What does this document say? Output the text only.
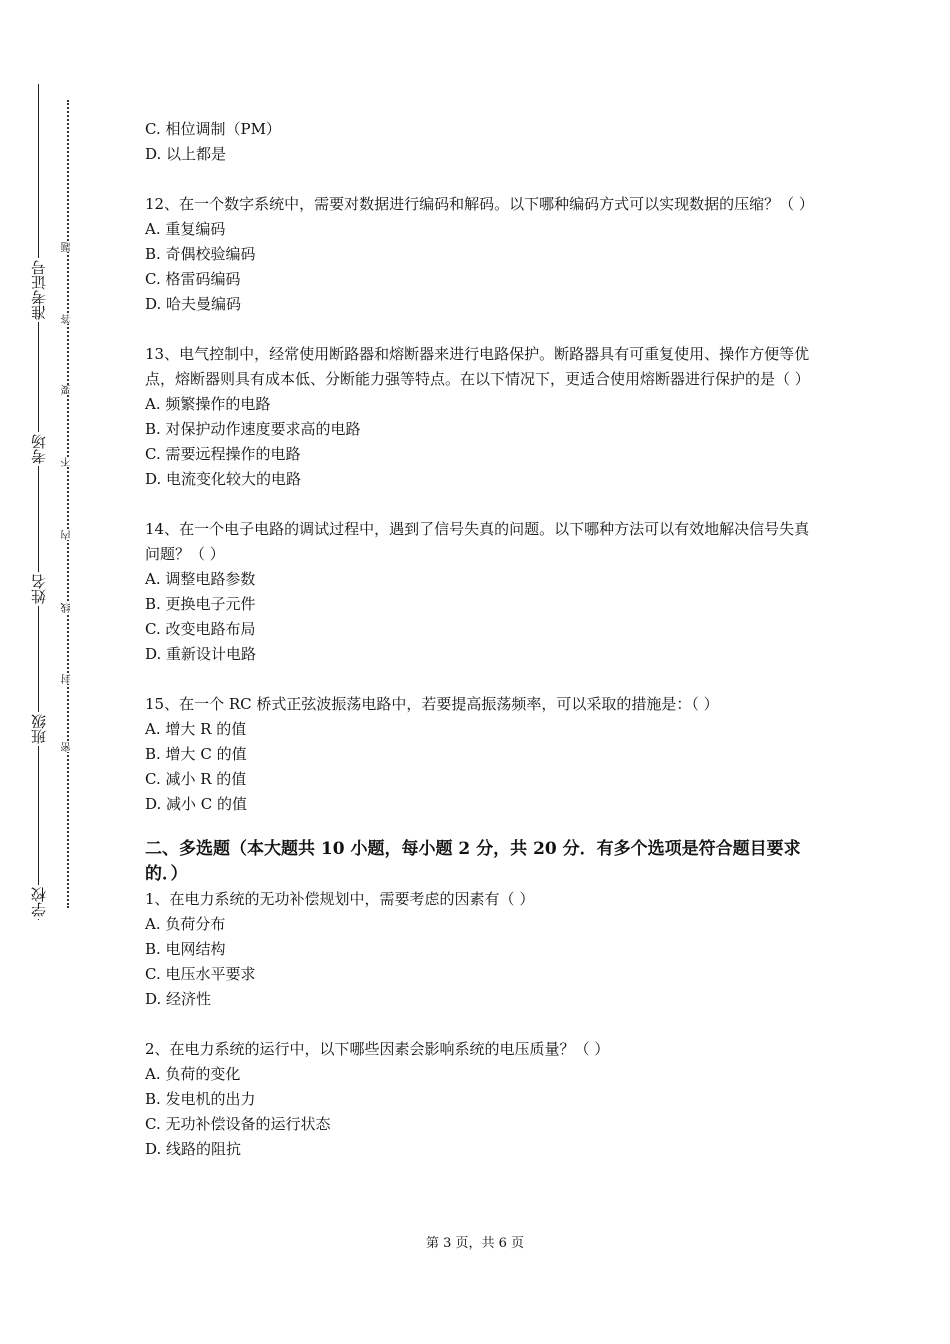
学校
班级
姓名
考场
准考证号
密
封
线
内
不
要
答
题
C. 相位调制（PM）
D. 以上都是
12、在一个数字系统中，需要对数据进行编码和解码。以下哪种编码方式可以实现数据的压缩？（ ）
A. 重复编码
B. 奇偶校验编码
C. 格雷码编码
D. 哈夫曼编码
13、电气控制中，经常使用断路器和熔断器来进行电路保护。断路器具有可重复使用、操作方便等优点，熔断器则具有成本低、分断能力强等特点。在以下情况下，更适合使用熔断器进行保护的是（ ）
A. 频繁操作的电路
B. 对保护动作速度要求高的电路
C. 需要远程操作的电路
D. 电流变化较大的电路
14、在一个电子电路的调试过程中，遇到了信号失真的问题。以下哪种方法可以有效地解决信号失真问题？（ ）
A. 调整电路参数
B. 更换电子元件
C. 改变电路布局
D. 重新设计电路
15、在一个 RC 桥式正弦波振荡电路中，若要提高振荡频率，可以采取的措施是：（ ）
A. 增大 R 的值
B. 增大 C 的值
C. 减小 R 的值
D. 减小 C 的值
二、多选题（本大题共 10 小题，每小题 2 分，共 20 分．有多个选项是符合题目要求的．）
1、在电力系统的无功补偿规划中，需要考虑的因素有（ ）
A. 负荷分布
B. 电网结构
C. 电压水平要求
D. 经济性
2、在电力系统的运行中，以下哪些因素会影响系统的电压质量？（ ）
A. 负荷的变化
B. 发电机的出力
C. 无功补偿设备的运行状态
D. 线路的阻抗
第 3 页，共 6 页
